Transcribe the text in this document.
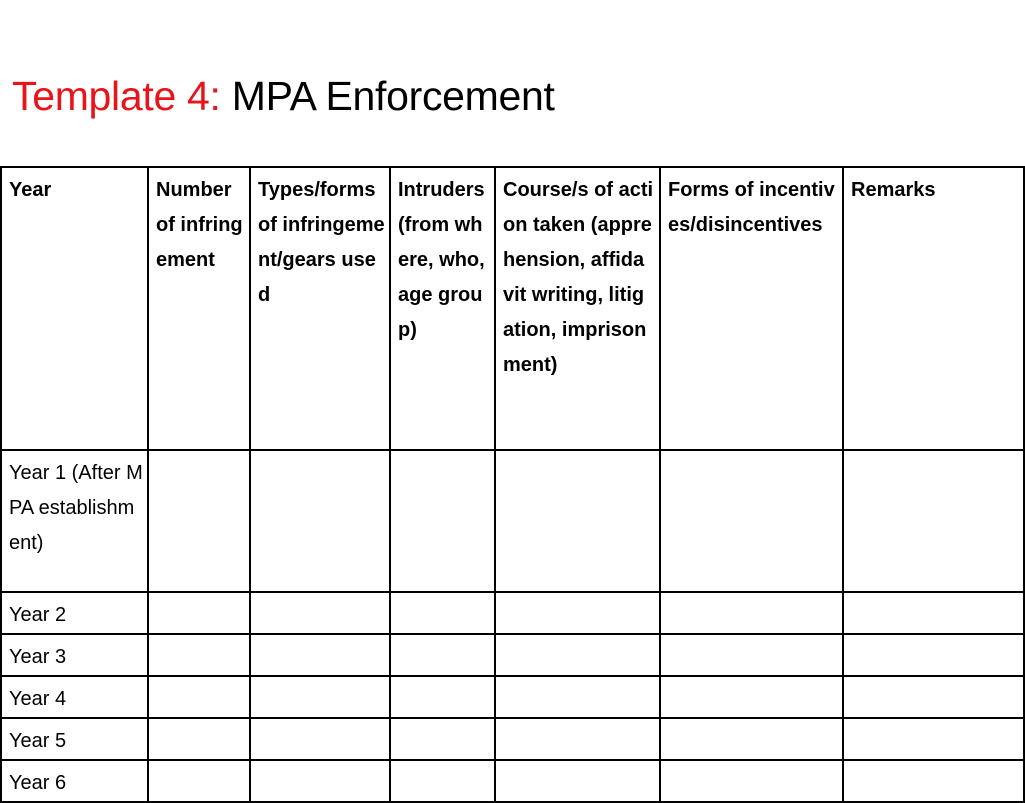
Template 4: MPA Enforcement
Year	Number of infringement	Types/forms of infringement/gears used	Intruders (from where, who, age group)	Course/s of action taken (apprehension, affidavit writing, litigation, imprisonment)	Forms of incentives/disincentives	Remarks

Year 1 (After MPA establishment)						

Year 2						

Year 3						

Year 4						

Year 5						

Year 6						
